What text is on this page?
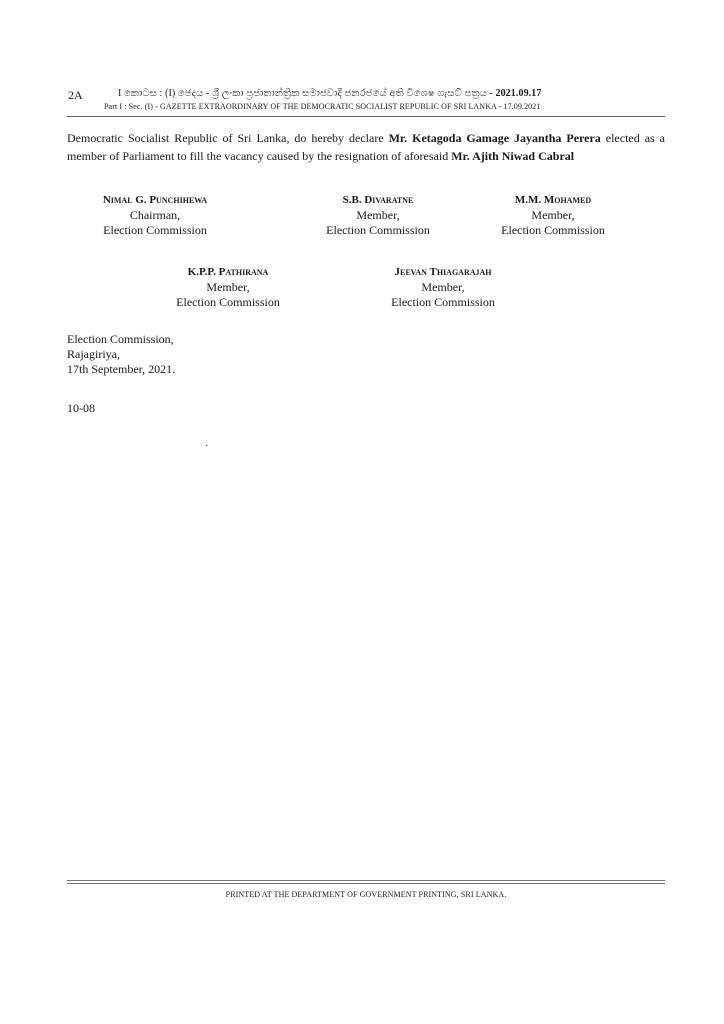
2A	I කොටස : (I) ඡෙදය - ශ්‍රී ලංකා ප්‍රජාතාන්ත්‍රික සමාජවාදී ජනරජයේ අති විශෙෂ ගැසට් පත්‍රය - 2021.09.17
Part I : Sec. (I) - GAZETTE EXTRAORDINARY OF THE DEMOCRATIC SOCIALIST REPUBLIC OF SRI LANKA - 17.09.2021

Democratic Socialist Republic of Sri Lanka, do hereby declare Mr. Ketagoda Gamage Jayantha Perera elected as a member of Parliament to fill the vacancy caused by the resignation of aforesaid Mr. Ajith Niwad Cabral

Nimal G. Punchihewa
Chairman,
Election Commission
S.B. Divaratne
Member,
Election Commission
M.M. Mohamed
Member,
Election Commission
K.P.P. Pathirana
Member,
Election Commission
Jeevan Thiagarajah
Member,
Election Commission
Election Commission,
Rajagiriya,
17th September, 2021.
10-08
.
PRINTED AT THE DEPARTMENT OF GOVERNMENT PRINTING, SRI LANKA.
